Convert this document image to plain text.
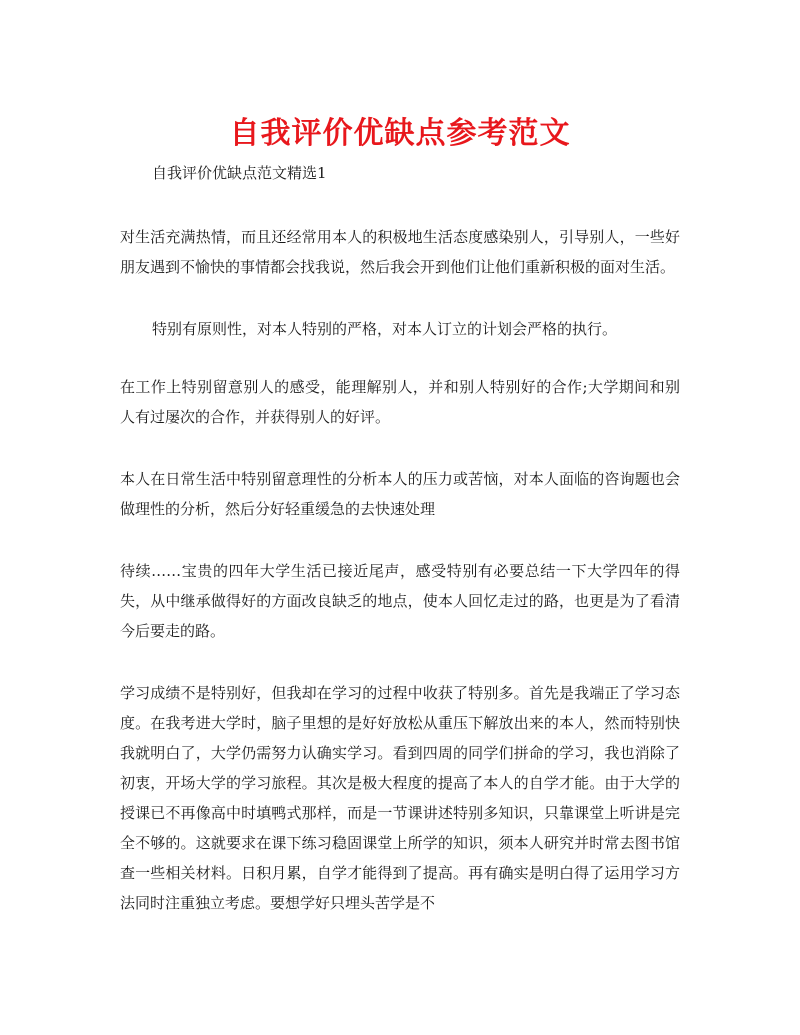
自我评价优缺点参考范文
自我评价优缺点范文精选1
对生活充满热情，而且还经常用本人的积极地生活态度感染别人，引导别人，一些好朋友遇到不愉快的事情都会找我说，然后我会开到他们让他们重新积极的面对生活。
特别有原则性，对本人特别的严格，对本人订立的计划会严格的执行。
在工作上特别留意别人的感受，能理解别人，并和别人特别好的合作;大学期间和别人有过屡次的合作，并获得别人的好评。
本人在日常生活中特别留意理性的分析本人的压力或苦恼，对本人面临的咨询题也会做理性的分析，然后分好轻重缓急的去快速处理
待续……宝贵的四年大学生活已接近尾声，感受特别有必要总结一下大学四年的得失，从中继承做得好的方面改良缺乏的地点，使本人回忆走过的路，也更是为了看清今后要走的路。
学习成绩不是特别好，但我却在学习的过程中收获了特别多。首先是我端正了学习态度。在我考进大学时，脑子里想的是好好放松从重压下解放出来的本人，然而特别快我就明白了，大学仍需努力认确实学习。看到四周的同学们拼命的学习，我也消除了初衷，开场大学的学习旅程。其次是极大程度的提高了本人的自学才能。由于大学的授课已不再像高中时填鸭式那样，而是一节课讲述特别多知识，只靠课堂上听讲是完全不够的。这就要求在课下练习稳固课堂上所学的知识，须本人研究并时常去图书馆查一些相关材料。日积月累，自学才能得到了提高。再有确实是明白得了运用学习方法同时注重独立考虑。要想学好只埋头苦学是不
